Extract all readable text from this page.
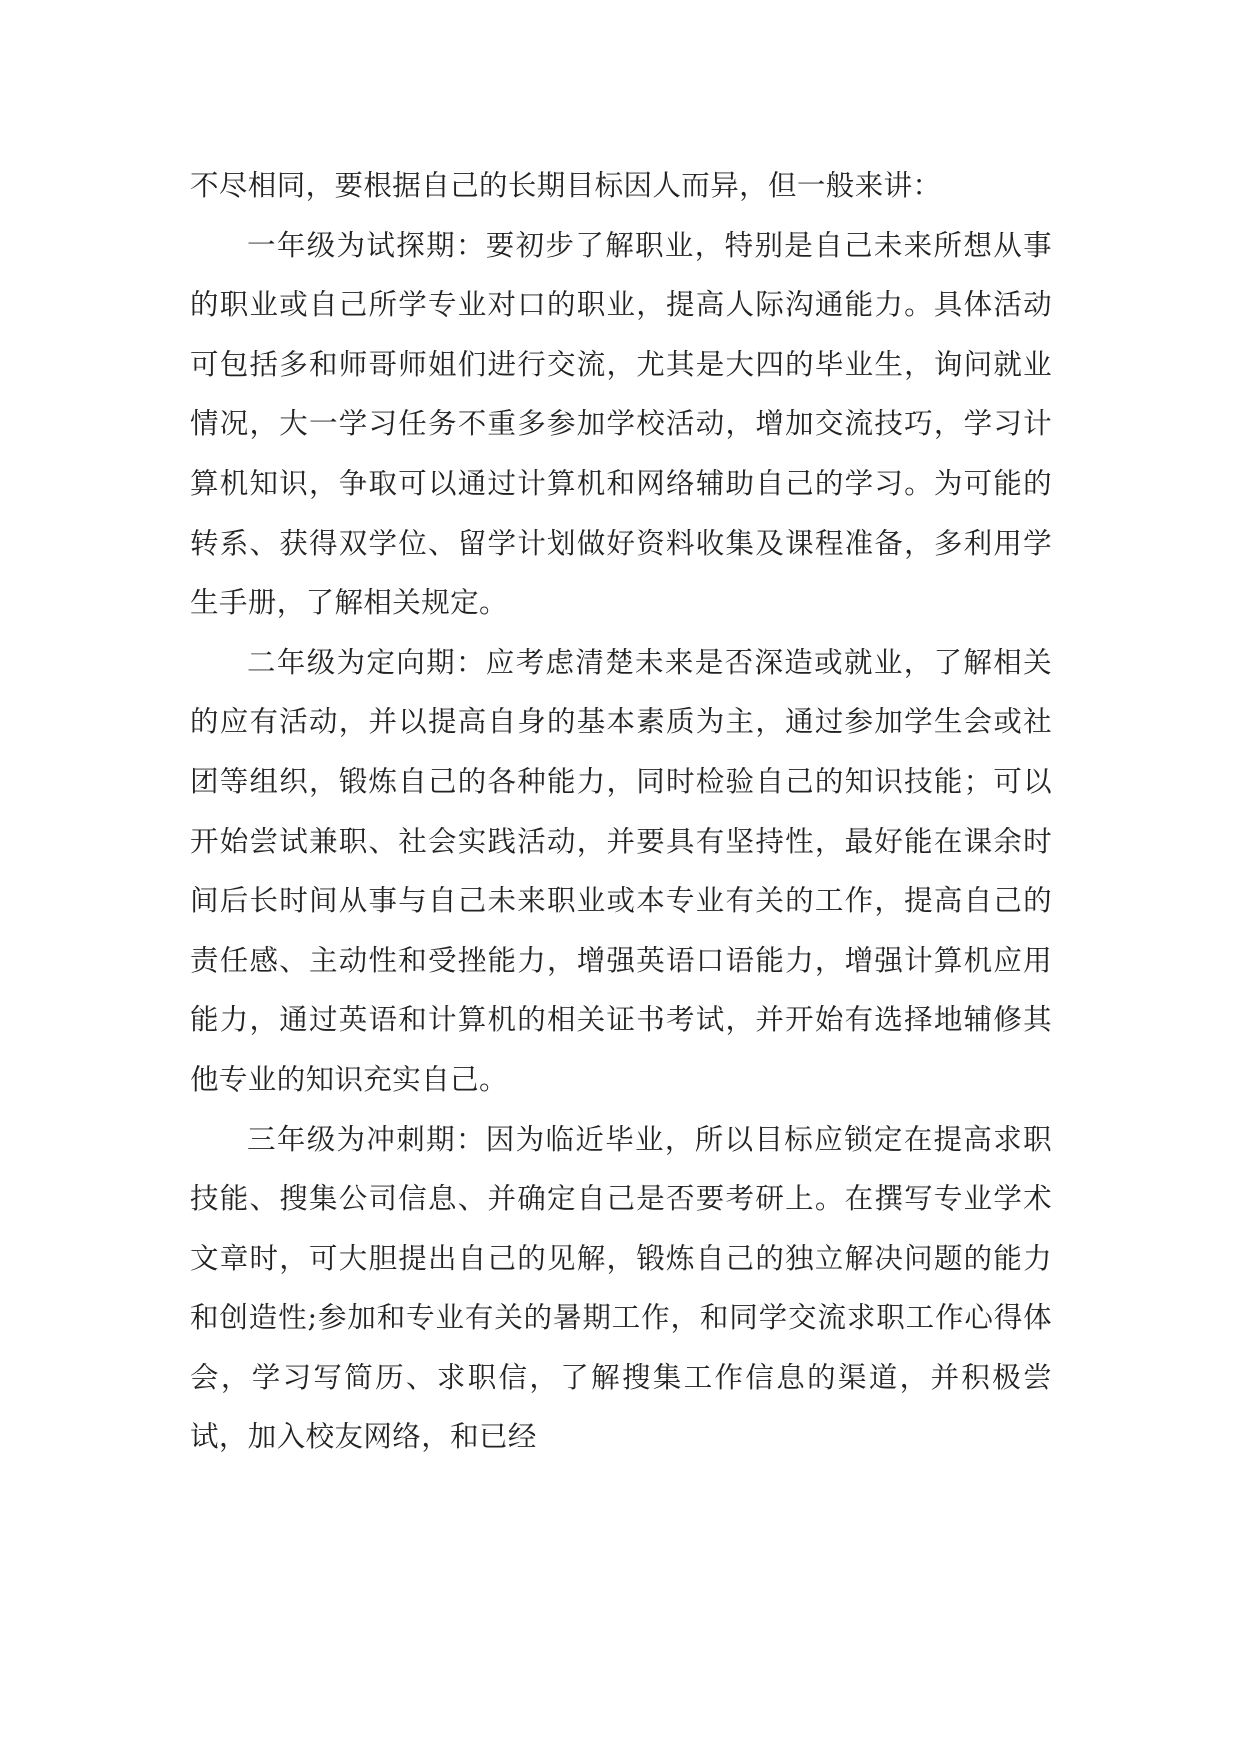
不尽相同，要根据自己的长期目标因人而异，但一般来讲：

一年级为试探期：要初步了解职业，特别是自己未来所想从事的职业或自己所学专业对口的职业，提高人际沟通能力。具体活动可包括多和师哥师姐们进行交流，尤其是大四的毕业生，询问就业情况，大一学习任务不重多参加学校活动，增加交流技巧，学习计算机知识，争取可以通过计算机和网络辅助自己的学习。为可能的转系、获得双学位、留学计划做好资料收集及课程准备，多利用学生手册，了解相关规定。

二年级为定向期：应考虑清楚未来是否深造或就业，了解相关的应有活动，并以提高自身的基本素质为主，通过参加学生会或社团等组织，锻炼自己的各种能力，同时检验自己的知识技能；可以开始尝试兼职、社会实践活动，并要具有坚持性，最好能在课余时间后长时间从事与自己未来职业或本专业有关的工作，提高自己的责任感、主动性和受挫能力，增强英语口语能力，增强计算机应用能力，通过英语和计算机的相关证书考试，并开始有选择地辅修其他专业的知识充实自己。

三年级为冲刺期：因为临近毕业，所以目标应锁定在提高求职技能、搜集公司信息、并确定自己是否要考研上。在撰写专业学术文章时，可大胆提出自己的见解，锻炼自己的独立解决问题的能力和创造性;参加和专业有关的暑期工作，和同学交流求职工作心得体会，学习写简历、求职信，了解搜集工作信息的渠道，并积极尝试，加入校友网络，和已经
